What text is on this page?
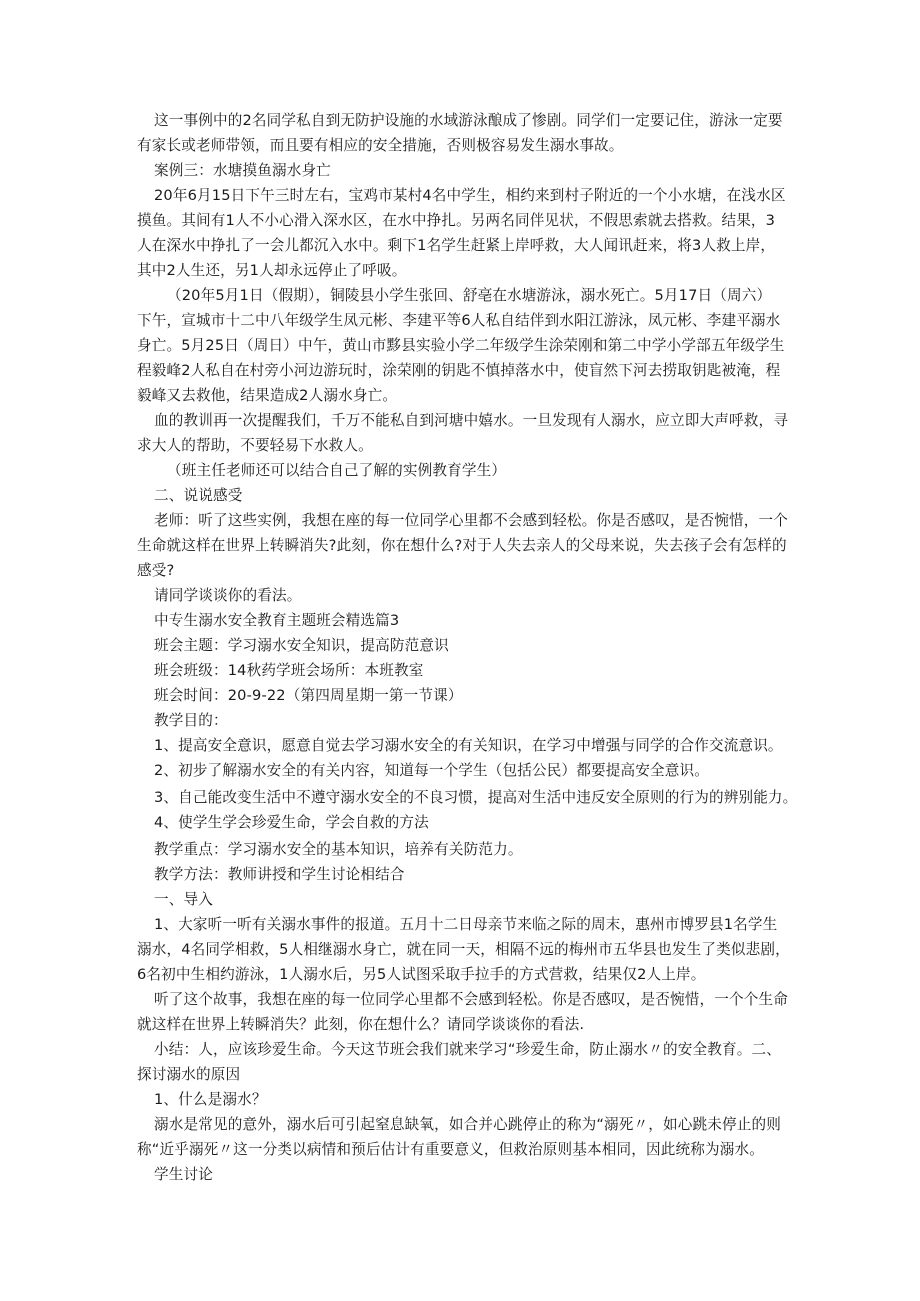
这一事例中的2名同学私自到无防护设施的水域游泳酿成了惨剧。同学们一定要记住，游泳一定要
有家长或老师带领，而且要有相应的安全措施，否则极容易发生溺水事故。
案例三：水塘摸鱼溺水身亡
20年6月15日下午三时左右，宝鸡市某村4名中学生，相约来到村子附近的一个小水塘，在浅水区
摸鱼。其间有1人不小心滑入深水区，在水中挣扎。另两名同伴见状，不假思索就去搭救。结果，3
人在深水中挣扎了一会儿都沉入水中。剩下1名学生赶紧上岸呼救，大人闻讯赶来，将3人救上岸，
其中2人生还，另1人却永远停止了呼吸。
（20年5月1日（假期），铜陵县小学生张回、舒亳在水塘游泳，溺水死亡。5月17日（周六）
下午，宣城市十二中八年级学生凤元彬、李建平等6人私自结伴到水阳江游泳，凤元彬、李建平溺水
身亡。5月25日（周日）中午，黄山市黟县实验小学二年级学生涂荣刚和第二中学小学部五年级学生
程毅峰2人私自在村旁小河边游玩时，涂荣刚的钥匙不慎掉落水中，使盲然下河去捞取钥匙被淹，程
毅峰又去救他，结果造成2人溺水身亡。
血的教训再一次提醒我们，千万不能私自到河塘中嬉水。一旦发现有人溺水，应立即大声呼救，寻
求大人的帮助，不要轻易下水救人。
（班主任老师还可以结合自己了解的实例教育学生）
二、说说感受
老师：听了这些实例，我想在座的每一位同学心里都不会感到轻松。你是否感叹，是否惋惜，一个
生命就这样在世界上转瞬消失?此刻，你在想什么?对于人失去亲人的父母来说，失去孩子会有怎样的
感受?
请同学谈谈你的看法。
中专生溺水安全教育主题班会精选篇3
班会主题：学习溺水安全知识，提高防范意识
班会班级：14秋药学班会场所：本班教室
班会时间：20-9-22（第四周星期一第一节课）
教学目的：
1、提高安全意识，愿意自觉去学习溺水安全的有关知识，在学习中增强与同学的合作交流意识。
2、初步了解溺水安全的有关内容，知道每一个学生（包括公民）都要提高安全意识。
3、自己能改变生活中不遵守溺水安全的不良习惯，提高对生活中违反安全原则的行为的辨别能力。
4、使学生学会珍爱生命，学会自救的方法
教学重点：学习溺水安全的基本知识，培养有关防范力。
教学方法：教师讲授和学生讨论相结合
一、导入
1、大家听一听有关溺水事件的报道。五月十二日母亲节来临之际的周末，惠州市博罗县1名学生
溺水，4名同学相救，5人相继溺水身亡，就在同一天，相隔不远的梅州市五华县也发生了类似悲剧，
6名初中生相约游泳，1人溺水后，另5人试图采取手拉手的方式营救，结果仅2人上岸。
听了这个故事，我想在座的每一位同学心里都不会感到轻松。你是否感叹，是否惋惜，一个个生命
就这样在世界上转瞬消失？此刻，你在想什么？请同学谈谈你的看法.
小结：人，应该珍爱生命。今天这节班会我们就来学习“珍爱生命，防止溺水〃的安全教育。二、
探讨溺水的原因
1、什么是溺水？
溺水是常见的意外，溺水后可引起窒息缺氧，如合并心跳停止的称为“溺死〃，如心跳未停止的则
称“近乎溺死〃这一分类以病情和预后估计有重要意义，但救治原则基本相同，因此统称为溺水。
学生讨论
